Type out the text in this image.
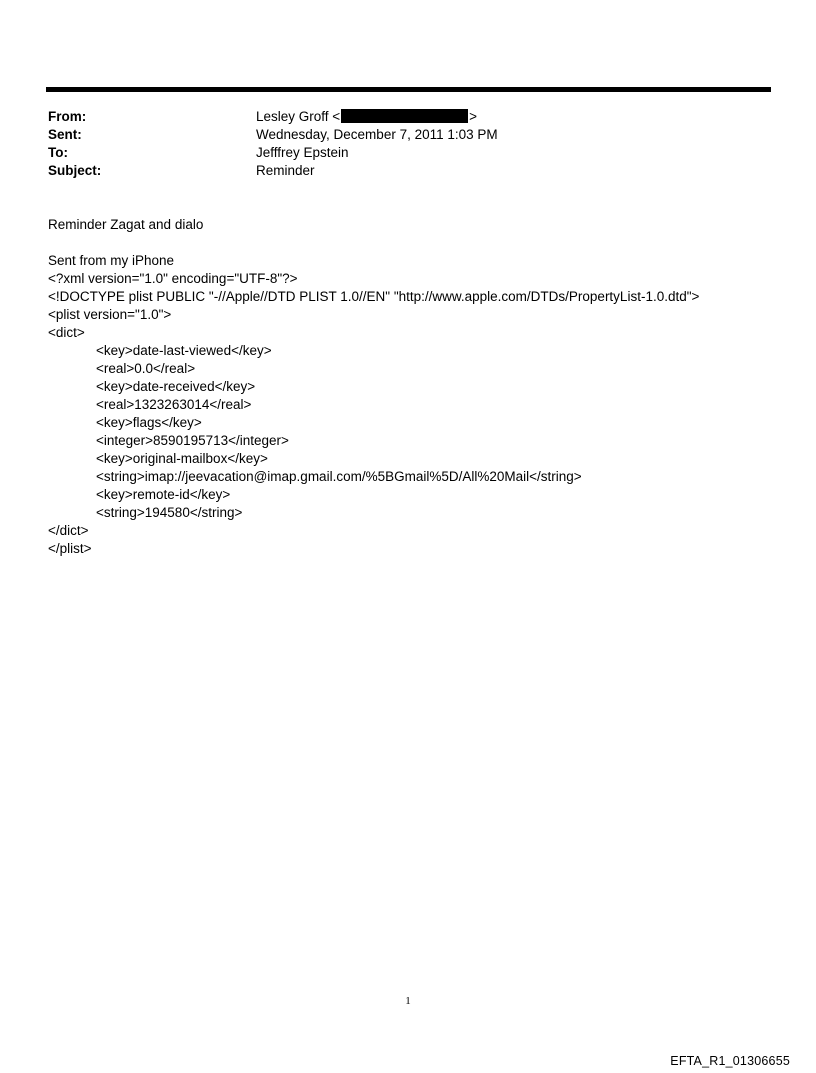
From:	Lesley Groff <	>
Sent:	Wednesday, December 7, 2011 1:03 PM
To:	Jefffrey Epstein
Subject:	Reminder
Reminder Zagat and dialo
Sent from my iPhone
<?xml version="1.0" encoding="UTF-8"?>
<!DOCTYPE plist PUBLIC "-//Apple//DTD PLIST 1.0//EN" "http://www.apple.com/DTDs/PropertyList-1.0.dtd">
<plist version="1.0">
<dict>
<key>date-last-viewed</key>
<real>0.0</real>
<key>date-received</key>
<real>1323263014</real>
<key>flags</key>
<integer>8590195713</integer>
<key>original-mailbox</key>
<string>imap://jeevacation@imap.gmail.com/%5BGmail%5D/All%20Mail</string>
<key>remote-id</key>
<string>194580</string>
</dict>
</plist>
1
EFTA_R1_01306655
